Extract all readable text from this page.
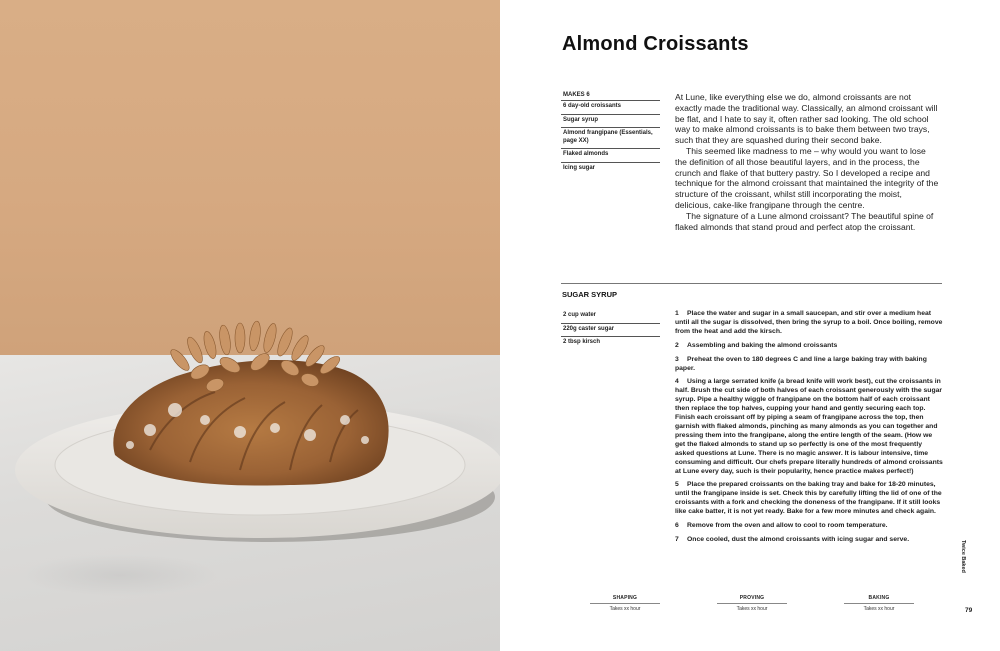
Almond Croissants
MAKES 6
6 day-old croissants
Sugar syrup
Almond frangipane (Essentials, page XX)
Flaked almonds
Icing sugar

At Lune, like everything else we do, almond croissants are not exactly made the traditional way. Classically, an almond croissant will be flat, and I hate to say it, often rather sad looking. The old school way to make almond croissants is to bake them between two trays, such that they are squashed during their second bake.

This seemed like madness to me – why would you want to lose the definition of all those beautiful layers, and in the process, the crunch and flake of that buttery pastry. So I developed a recipe and technique for the almond croissant that maintained the integrity of the structure of the croissant, whilst still incorporating the moist, delicious, cake-like frangipane through the centre.

The signature of a Lune almond croissant? The beautiful spine of flaked almonds that stand proud and perfect atop the croissant.

SUGAR SYRUP
2 cup water
220g caster sugar
2 tbsp kirsch

1 Place the water and sugar in a small saucepan, and stir over a medium heat until all the sugar is dissolved, then bring the syrup to a boil. Once boiling, remove from the heat and add the kirsch.

2 Assembling and baking the almond croissants

3 Preheat the oven to 180 degrees C and line a large baking tray with baking paper.

4 Using a large serrated knife (a bread knife will work best), cut the croissants in half. Brush the cut side of both halves of each croissant generously with the sugar syrup. Pipe a healthy wiggle of frangipane on the bottom half of each croissant then replace the top halves, cupping your hand and gently securing each top. Finish each croissant off by piping a seam of frangipane across the top, then garnish with flaked almonds, pinching as many almonds as you can together and pressing them into the frangipane, along the entire length of the seam. (How we get the flaked almonds to stand up so perfectly is one of the most frequently asked questions at Lune. There is no magic answer. It is labour intensive, time consuming and difficult. Our chefs prepare literally hundreds of almond croissants at Lune every day, such is their popularity, hence practice makes perfect!)

5 Place the prepared croissants on the baking tray and bake for 18-20 minutes, until the frangipane inside is set. Check this by carefully lifting the lid of one of the croissants with a fork and checking the doneness of the frangipane. If it still looks like cake batter, it is not yet ready. Bake for a few more minutes and check again.

6 Remove from the oven and allow to cool to room temperature.

7 Once cooled, dust the almond croissants with icing sugar and serve.

SHAPING
Takes xx hour
PROVING
Takes xx hour
BAKING
Takes xx hour
Twice Baked
79
